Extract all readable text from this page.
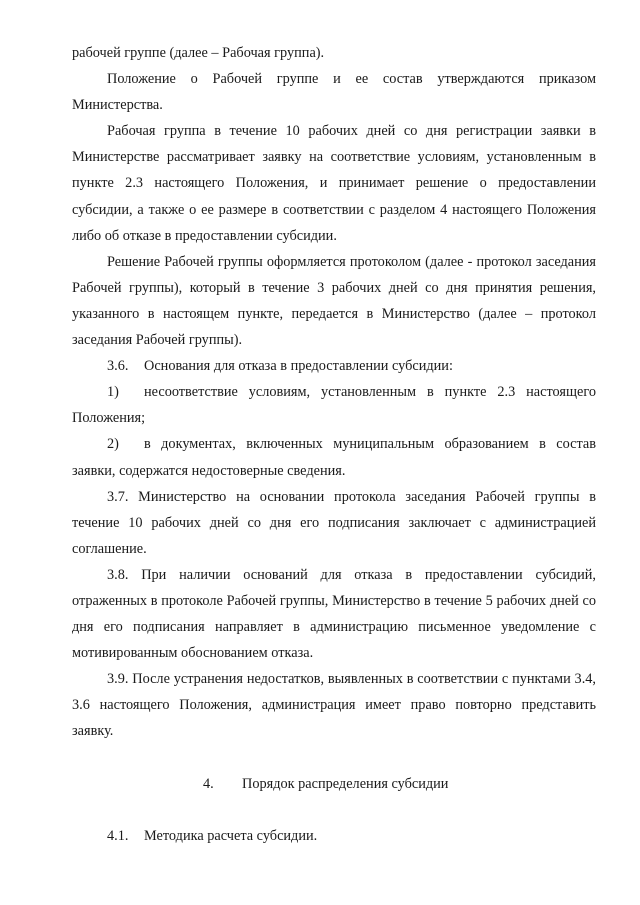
рабочей группе (далее – Рабочая группа).

Положение о Рабочей группе и ее состав утверждаются приказом Министерства.

Рабочая группа в течение 10 рабочих дней со дня регистрации заявки в Министерстве рассматривает заявку на соответствие условиям, установленным в пункте 2.3 настоящего Положения, и принимает решение о предоставлении субсидии, а также о ее размере в соответствии с разделом 4 настоящего Положения либо об отказе в предоставлении субсидии.

Решение Рабочей группы оформляется протоколом (далее - протокол заседания Рабочей группы), который в течение 3 рабочих дней со дня принятия решения, указанного в настоящем пункте, передается в Министерство (далее – протокол заседания Рабочей группы).

3.6. Основания для отказа в предоставлении субсидии:

1) несоответствие условиям, установленным в пункте 2.3 настоящего Положения;

2) в документах, включенных муниципальным образованием в состав заявки, содержатся недостоверные сведения.

3.7. Министерство на основании протокола заседания Рабочей группы в течение 10 рабочих дней со дня его подписания заключает с администрацией соглашение.

3.8. При наличии оснований для отказа в предоставлении субсидий, отраженных в протоколе Рабочей группы, Министерство в течение 5 рабочих дней со дня его подписания направляет в администрацию письменное уведомление с мотивированным обоснованием отказа.

3.9. После устранения недостатков, выявленных в соответствии с пунктами 3.4, 3.6 настоящего Положения, администрация имеет право повторно представить заявку.

4. Порядок распределения субсидии

4.1. Методика расчета субсидии.
